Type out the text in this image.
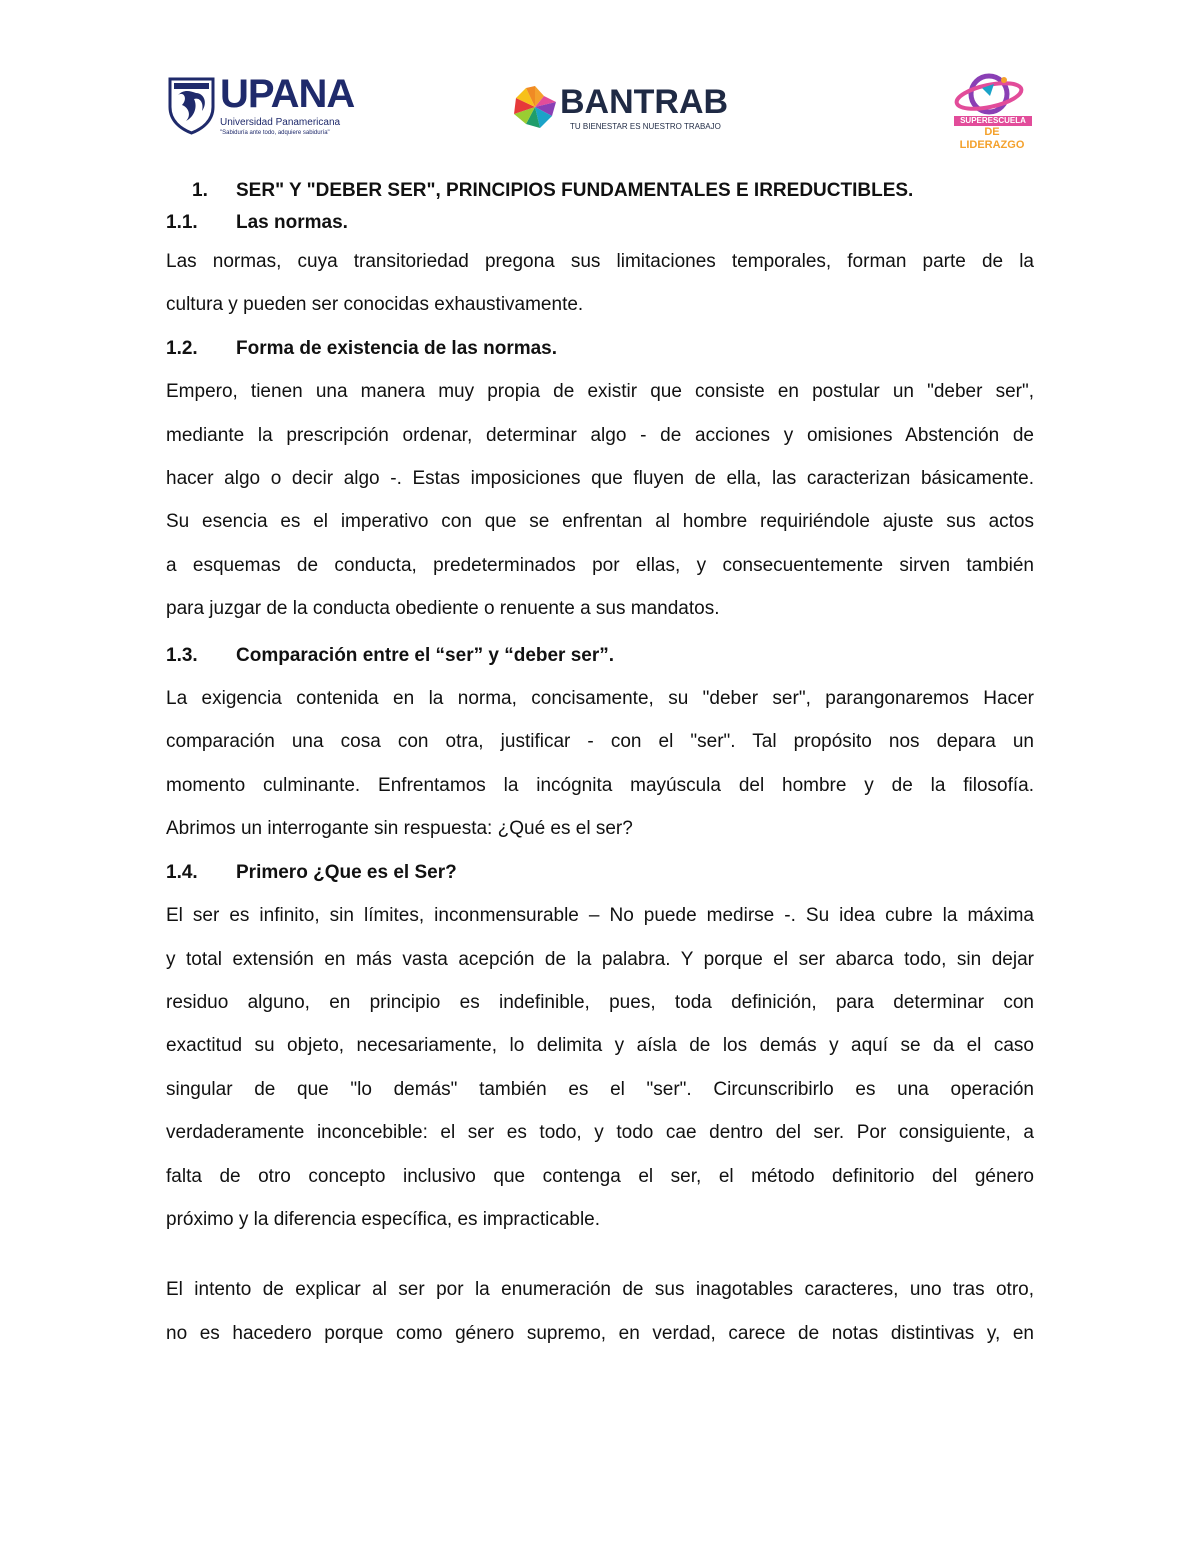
UPANA
Universidad Panamericana
"Sabiduría ante todo, adquiere sabiduría"
BANTRAB
TU BIENESTAR ES NUESTRO TRABAJO
SUPERESCUELA
DE LIDERAZGO
1. SER" Y "DEBER SER", PRINCIPIOS FUNDAMENTALES E IRREDUCTIBLES.
1.1. Las normas.
Las normas, cuya transitoriedad pregona sus limitaciones temporales, forman parte de la
cultura y pueden ser conocidas exhaustivamente.
1.2. Forma de existencia de las normas.
Empero, tienen una manera muy propia de existir que consiste en postular un "deber ser",
mediante la prescripción ordenar, determinar algo - de acciones y omisiones Abstención de
hacer algo o decir algo -. Estas imposiciones que fluyen de ella, las caracterizan básicamente.
Su esencia es el imperativo con que se enfrentan al hombre requiriéndole ajuste sus actos
a esquemas de conducta, predeterminados por ellas, y consecuentemente sirven también
para juzgar de la conducta obediente o renuente a sus mandatos.
1.3. Comparación entre el “ser” y “deber ser”.
La exigencia contenida en la norma, concisamente, su "deber ser", parangonaremos Hacer
comparación una cosa con otra, justificar - con el "ser". Tal propósito nos depara un
momento culminante. Enfrentamos la incógnita mayúscula del hombre y de la filosofía.
Abrimos un interrogante sin respuesta: ¿Qué es el ser?
1.4. Primero ¿Que es el Ser?
El ser es infinito, sin límites, inconmensurable – No puede medirse -. Su idea cubre la máxima
y total extensión en más vasta acepción de la palabra. Y porque el ser abarca todo, sin dejar
residuo alguno, en principio es indefinible, pues, toda definición, para determinar con
exactitud su objeto, necesariamente, lo delimita y aísla de los demás y aquí se da el caso
singular de que "lo demás" también es el "ser". Circunscribirlo es una operación
verdaderamente inconcebible: el ser es todo, y todo cae dentro del ser. Por consiguiente, a
falta de otro concepto inclusivo que contenga el ser, el método definitorio del género
próximo y la diferencia específica, es impracticable.
El intento de explicar al ser por la enumeración de sus inagotables caracteres, uno tras otro,
no es hacedero porque como género supremo, en verdad, carece de notas distintivas y, en
